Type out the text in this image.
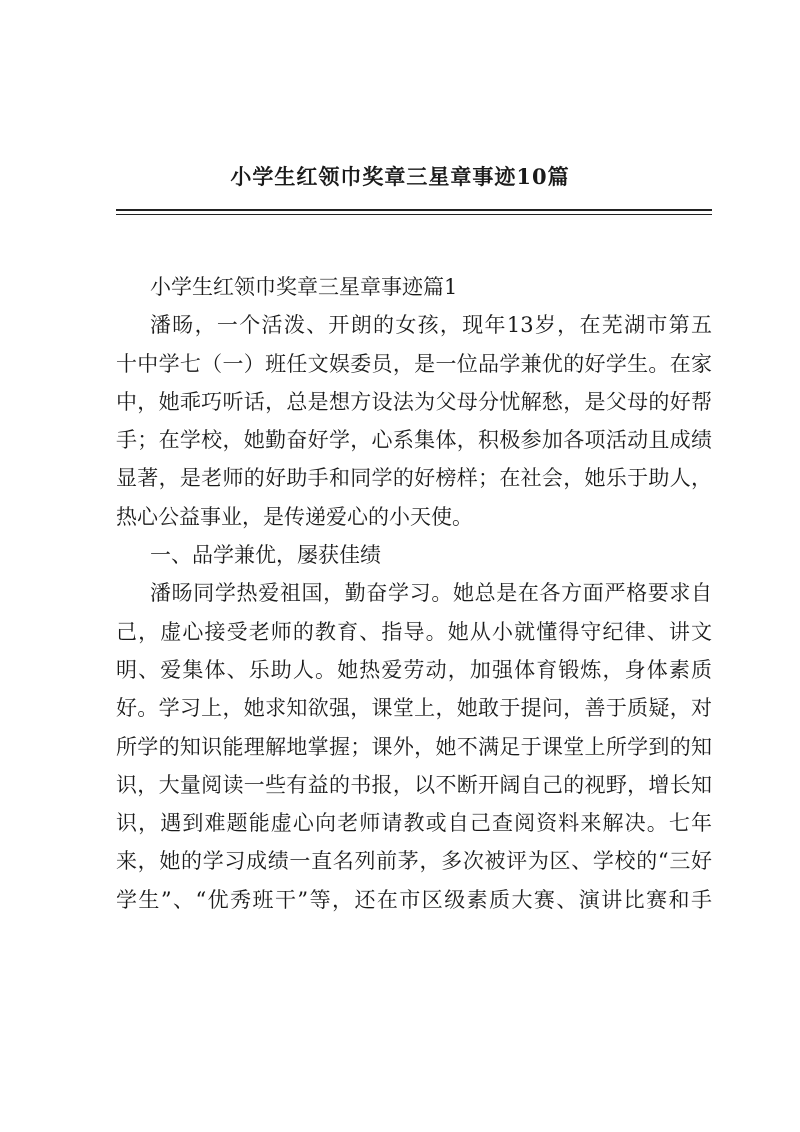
小学生红领巾奖章三星章事迹10篇
小学生红领巾奖章三星章事迹篇1
潘旸，一个活泼、开朗的女孩，现年13岁，在芜湖市第五
十中学七（一）班任文娱委员，是一位品学兼优的好学生。在家
中，她乖巧听话，总是想方设法为父母分忧解愁，是父母的好帮
手；在学校，她勤奋好学，心系集体，积极参加各项活动且成绩
显著，是老师的好助手和同学的好榜样；在社会，她乐于助人，
热心公益事业，是传递爱心的小天使。
一、品学兼优，屡获佳绩
潘旸同学热爱祖国，勤奋学习。她总是在各方面严格要求自
己，虚心接受老师的教育、指导。她从小就懂得守纪律、讲文
明、爱集体、乐助人。她热爱劳动，加强体育锻炼，身体素质
好。学习上，她求知欲强，课堂上，她敢于提问，善于质疑，对
所学的知识能理解地掌握；课外，她不满足于课堂上所学到的知
识，大量阅读一些有益的书报，以不断开阔自己的视野，增长知
识，遇到难题能虚心向老师请教或自己查阅资料来解决。七年
来，她的学习成绩一直名列前茅，多次被评为区、学校的“三好
学生”、“优秀班干”等，还在市区级素质大赛、演讲比赛和手
